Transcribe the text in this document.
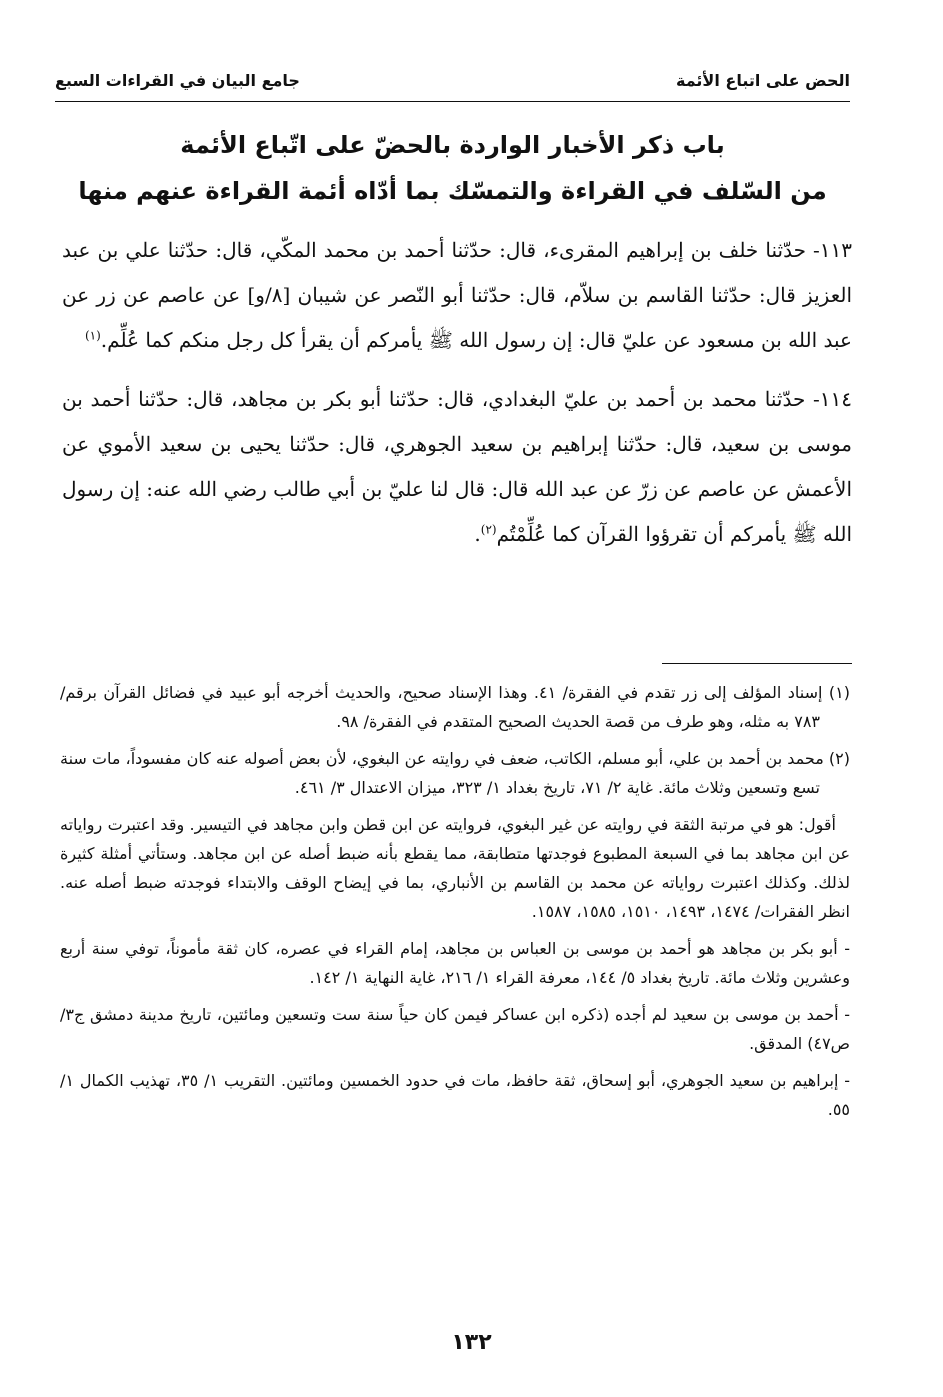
الحض على اتباع الأئمة
جامع البيان في القراءات السبع
باب ذكر الأخبار الواردة بالحضّ على اتّباع الأئمة
من السّلف في القراءة والتمسّك بما أدّاه أئمة القراءة عنهم منها

١١٣- حدّثنا خلف بن إبراهيم المقرىء، قال: حدّثنا أحمد بن محمد المكّي، قال: حدّثنا علي بن عبد العزيز قال: حدّثنا القاسم بن سلاّم، قال: حدّثنا أبو النّصر عن شيبان [٨/و] عن عاصم عن زر عن عبد الله بن مسعود عن عليّ قال: إن رسول الله ﷺ يأمركم أن يقرأ كل رجل منكم كما عُلِّم.$^{(١)}$

١١٤- حدّثنا محمد بن أحمد بن عليّ البغدادي، قال: حدّثنا أبو بكر بن مجاهد، قال: حدّثنا أحمد بن موسى بن سعيد، قال: حدّثنا إبراهيم بن سعيد الجوهري، قال: حدّثنا يحيى بن سعيد الأموي عن الأعمش عن عاصم عن زرّ عن عبد الله قال: قال لنا عليّ بن أبي طالب رضي الله عنه: إن رسول الله ﷺ يأمركم أن تقرؤوا القرآن كما عُلِّمْتُم$^{(٢)}$.

(١) إسناد المؤلف إلى زر تقدم في الفقرة/ ٤١. وهذا الإسناد صحيح، والحديث أخرجه أبو عبيد في فضائل القرآن برقم/ ٧٨٣ به مثله، وهو طرف من قصة الحديث الصحيح المتقدم في الفقرة/ ٩٨.

(٢) محمد بن أحمد بن علي، أبو مسلم، الكاتب، ضعف في روايته عن البغوي، لأن بعض أصوله عنه كان مفسوداً، مات سنة تسع وتسعين وثلاث مائة. غاية ٢/ ٧١، تاريخ بغداد ١/ ٣٢٣، ميزان الاعتدال ٣/ ٤٦١.

أقول: هو في مرتبة الثقة في روايته عن غير البغوي، فروايته عن ابن قطن وابن مجاهد في التيسير. وقد اعتبرت رواياته عن ابن مجاهد بما في السبعة المطبوع فوجدتها متطابقة، مما يقطع بأنه ضبط أصله عن ابن مجاهد. وستأتي أمثلة كثيرة لذلك. وكذلك اعتبرت رواياته عن محمد بن القاسم بن الأنباري، بما في إيضاح الوقف والابتداء فوجدته ضبط أصله عنه. انظر الفقرات/ ١٤٧٤، ١٤٩٣، ١٥١٠، ١٥٨٥، ١٥٨٧.

- أبو بكر بن مجاهد هو أحمد بن موسى بن العباس بن مجاهد، إمام القراء في عصره، كان ثقة مأموناً، توفي سنة أربع وعشرين وثلاث مائة. تاريخ بغداد ٥/ ١٤٤، معرفة القراء ١/ ٢١٦، غاية النهاية ١/ ١٤٢.

- أحمد بن موسى بن سعيد لم أجده (ذكره ابن عساكر فيمن كان حياً سنة ست وتسعين ومائتين، تاريخ مدينة دمشق ج٣/ص٤٧) المدقق.

- إبراهيم بن سعيد الجوهري، أبو إسحاق، ثقة حافظ، مات في حدود الخمسين ومائتين. التقريب ١/ ٣٥، تهذيب الكمال ١/ ٥٥.

١٣٢
